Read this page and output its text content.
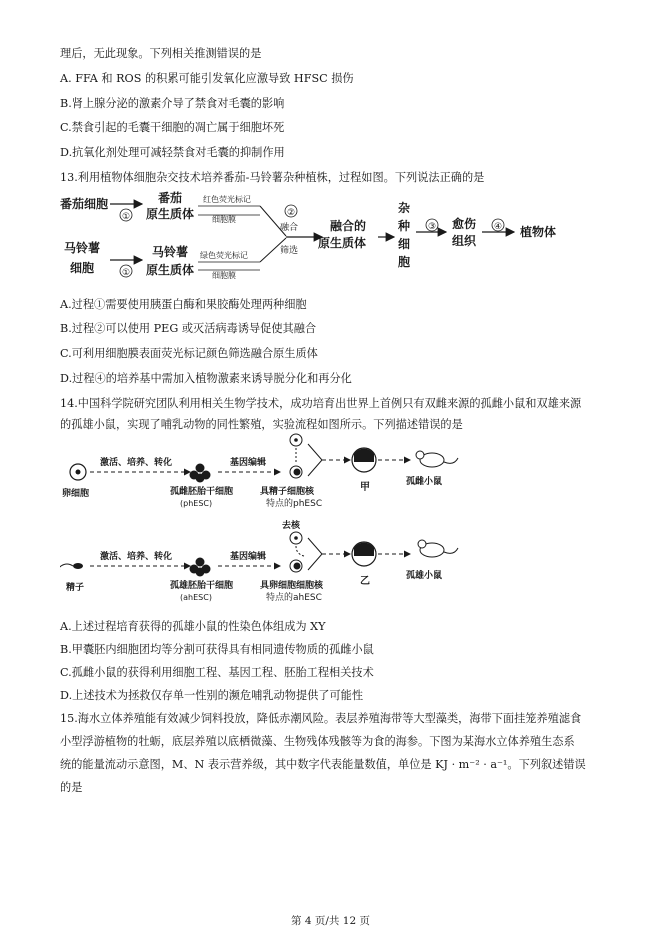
理后，无此现象。下列相关推测错误的是
A. FFA 和 ROS 的积累可能引发氧化应激导致 HFSC 损伤
B.肾上腺分泌的激素介导了禁食对毛囊的影响
C.禁食引起的毛囊干细胞的凋亡属于细胞坏死
D.抗氧化剂处理可减轻禁食对毛囊的抑制作用
13.利用植物体细胞杂交技术培养番茄-马铃薯杂种植株，过程如图。下列说法正确的是
番茄细胞
①
番茄
原生质体
红色荧光标记
细胞膜
马铃薯
细胞	①
马铃薯
原生质体
绿色荧光标记
细胞膜
②
融合
筛选
融合的
原生质体
杂
种
细
胞
③ 愈伤
组织
④ 植物体
A.过程①需要使用胰蛋白酶和果胶酶处理两种细胞
B.过程②可以使用 PEG 或灭活病毒诱导促使其融合
C.可利用细胞膜表面荧光标记颜色筛选融合原生质体
D.过程④的培养基中需加入植物激素来诱导脱分化和再分化
14.中国科学院研究团队利用相关生物学技术，成功培育出世界上首例只有双雌来源的孤雌小鼠和双雄来源
的孤雄小鼠，实现了哺乳动物的同性繁殖，实验流程如图所示。下列描述错误的是
卵细胞
激活、培养、转化
孤雌胚胎干细胞
(phESC)
基因编辑
具精子细胞核
特点的phESC
甲	孤雌小鼠
去核
精子
激活、培养、转化
孤雄胚胎干细胞
(ahESC)
基因编辑
具卵细胞细胞核
特点的ahESC
乙	孤雄小鼠
A.上述过程培育获得的孤雄小鼠的性染色体组成为 XY
B.甲囊胚内细胞团均等分割可获得具有相同遗传物质的孤雌小鼠
C.孤雌小鼠的获得利用细胞工程、基因工程、胚胎工程相关技术
D.上述技术为拯救仅存单一性别的濒危哺乳动物提供了可能性
15.海水立体养殖能有效减少饲料投放，降低赤潮风险。表层养殖海带等大型藻类，海带下面挂笼养殖滤食
小型浮游植物的牡蛎，底层养殖以底栖微藻、生物残体残骸等为食的海参。下图为某海水立体养殖生态系
统的能量流动示意图，M、N 表示营养级，其中数字代表能量数值，单位是 KJ · m⁻² · a⁻¹。下列叙述错误
的是
第 4 页/共 12 页
